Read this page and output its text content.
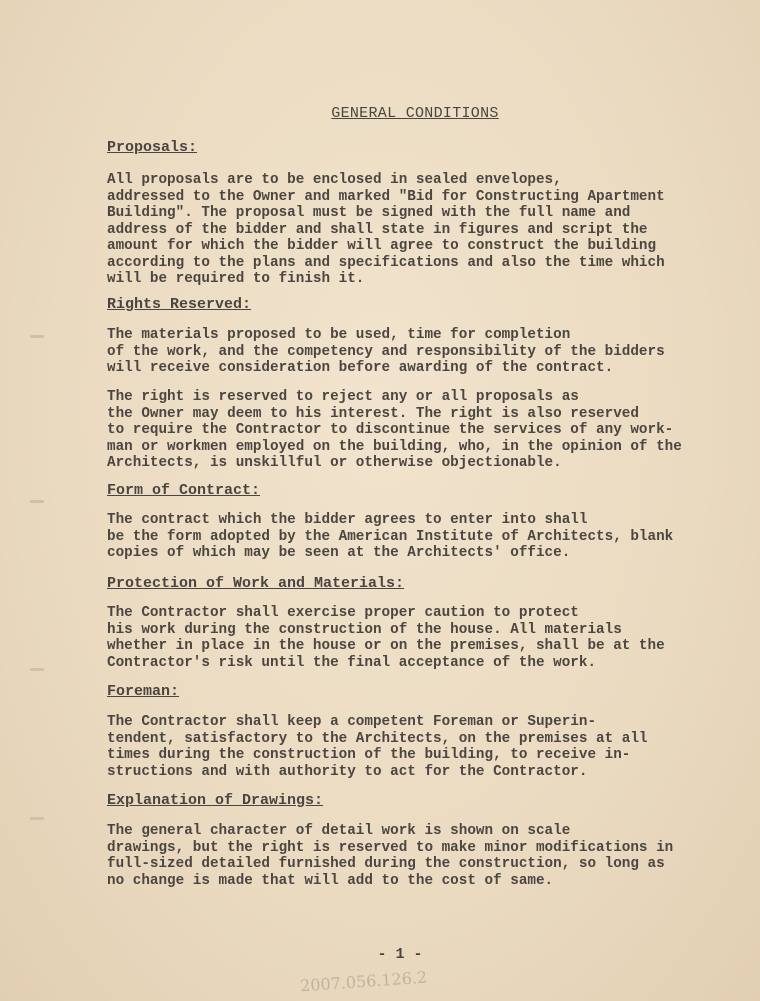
GENERAL CONDITIONS
Proposals:

All proposals are to be enclosed in sealed envelopes,
addressed to the Owner and marked "Bid for Constructing Apartment
Building". The proposal must be signed with the full name and
address of the bidder and shall state in figures and script the
amount for which the bidder will agree to construct the building
according to the plans and specifications and also the time which
will be required to finish it.

Rights Reserved:

The materials proposed to be used, time for completion
of the work, and the competency and responsibility of the bidders
will receive consideration before awarding of the contract.

The right is reserved to reject any or all proposals as
the Owner may deem to his interest. The right is also reserved
to require the Contractor to discontinue the services of any work-
man or workmen employed on the building, who, in the opinion of the
Architects, is unskillful or otherwise objectionable.

Form of Contract:

The contract which the bidder agrees to enter into shall
be the form adopted by the American Institute of Architects, blank
copies of which may be seen at the Architects' office.

Protection of Work and Materials:

The Contractor shall exercise proper caution to protect
his work during the construction of the house. All materials
whether in place in the house or on the premises, shall be at the
Contractor's risk until the final acceptance of the work.

Foreman:

The Contractor shall keep a competent Foreman or Superin-
tendent, satisfactory to the Architects, on the premises at all
times during the construction of the building, to receive in-
structions and with authority to act for the Contractor.

Explanation of Drawings:

The general character of detail work is shown on scale
drawings, but the right is reserved to make minor modifications in
full-sized detailed furnished during the construction, so long as
no change is made that will add to the cost of same.

- 1 -
2007.056.126.2
